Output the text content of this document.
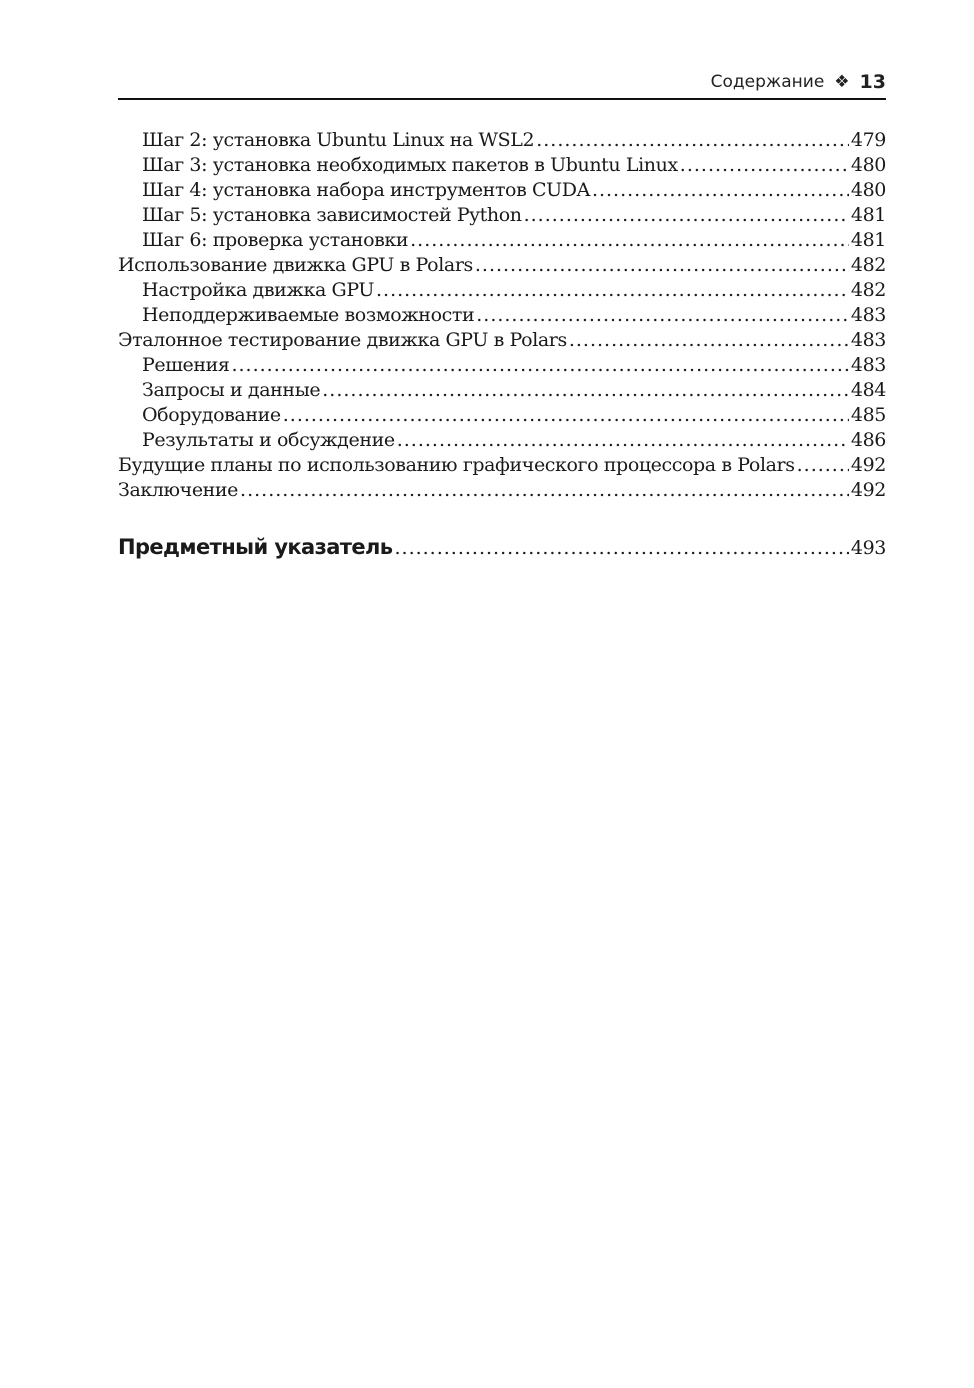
Содержание ❖ 13
Шаг 2: установка Ubuntu Linux на WSL2 .....	479
Шаг 3: установка необходимых пакетов в Ubuntu Linux .....	480
Шаг 4: установка набора инструментов CUDA .....	480
Шаг 5: установка зависимостей Python .....	481
Шаг 6: проверка установки .....	481
Использование движка GPU в Polars .....	482
Настройка движка GPU .....	482
Неподдерживаемые возможности .....	483
Эталонное тестирование движка GPU в Polars .....	483
Решения .....	483
Запросы и данные .....	484
Оборудование .....	485
Результаты и обсуждение .....	486
Будущие планы по использованию графического процессора в Polars .....	492
Заключение .....	492
Предметный указатель .....	493
